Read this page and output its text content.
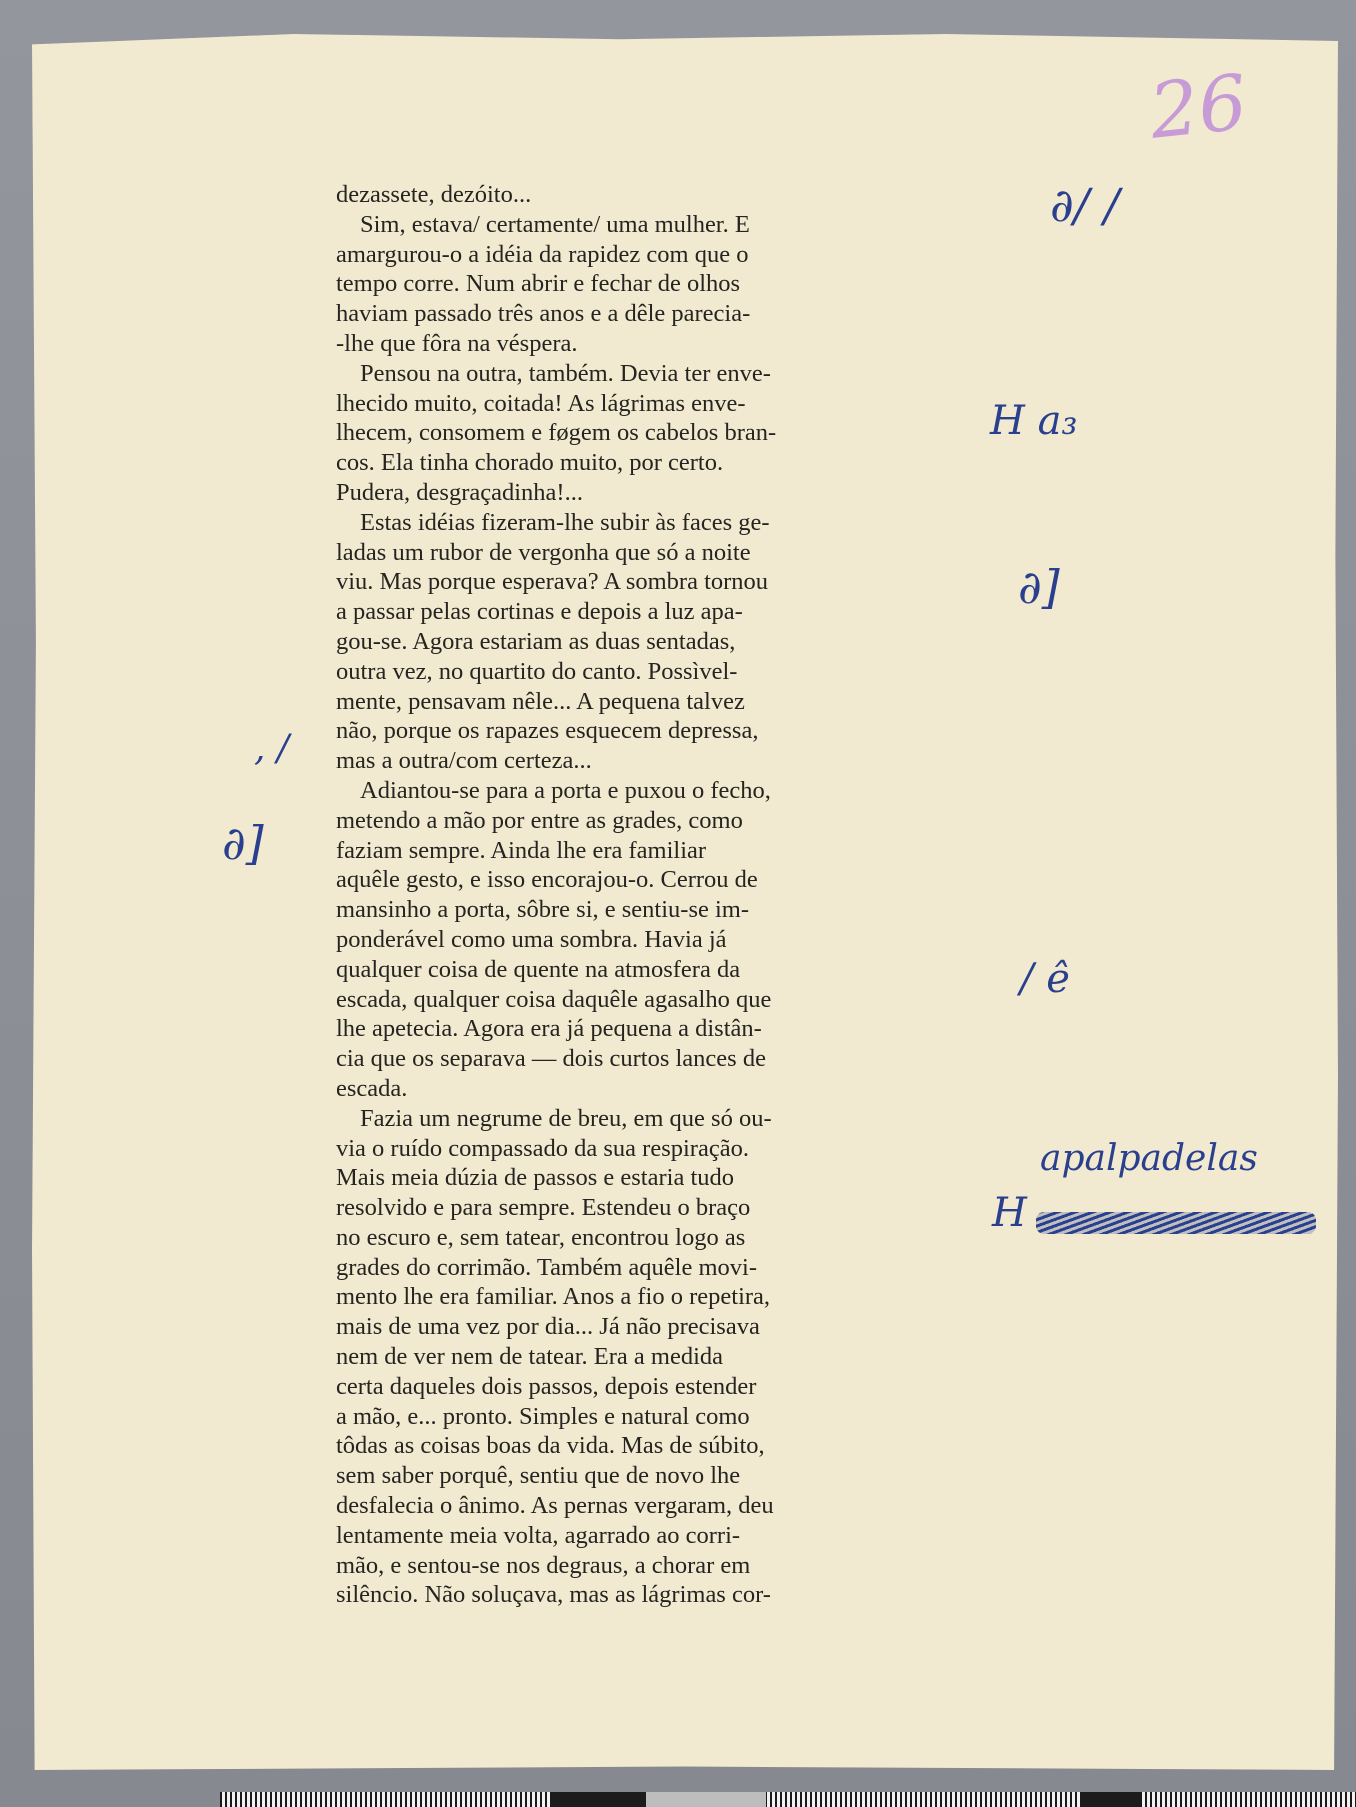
26
dezassete, dezóito...
Sim, estava/ certamente/ uma mulher. E
amargurou-o a idéia da rapidez com que o
tempo corre. Num abrir e fechar de olhos
haviam passado três anos e a dêle parecia-
-lhe que fôra na véspera.
Pensou na outra, também. Devia ter enve-
lhecido muito, coitada! As lágrimas enve-
lhecem, consomem e føgem os cabelos bran-
cos. Ela tinha chorado muito, por certo.
Pudera, desgraçadinha!...
Estas idéias fizeram-lhe subir às faces ge-
ladas um rubor de vergonha que só a noite
viu. Mas porque esperava? A sombra tornou
a passar pelas cortinas e depois a luz apa-
gou-se. Agora estariam as duas sentadas,
outra vez, no quartito do canto. Possìvel-
mente, pensavam nêle... A pequena talvez
não, porque os rapazes esquecem depressa,
mas a outra/com certeza...
Adiantou-se para a porta e puxou o fecho,
metendo a mão por entre as grades, como
faziam sempre. Ainda lhe era familiar
aquêle gesto, e isso encorajou-o. Cerrou de
mansinho a porta, sôbre si, e sentiu-se im-
ponderável como uma sombra. Havia já
qualquer coisa de quente na atmosfera da
escada, qualquer coisa daquêle agasalho que
lhe apetecia. Agora era já pequena a distân-
cia que os separava — dois curtos lances de
escada.
Fazia um negrume de breu, em que só ou-
via o ruído compassado da sua respiração.
Mais meia dúzia de passos e estaria tudo
resolvido e para sempre. Estendeu o braço
no escuro e, sem tatear, encontrou logo as
grades do corrimão. Também aquêle movi-
mento lhe era familiar. Anos a fio o repetira,
mais de uma vez por dia... Já não precisava
nem de ver nem de tatear. Era a medida
certa daqueles dois passos, depois estender
a mão, e... pronto. Simples e natural como
tôdas as coisas boas da vida. Mas de súbito,
sem saber porquê, sentiu que de novo lhe
desfalecia o ânimo. As pernas vergaram, deu
lentamente meia volta, agarrado ao corri-
mão, e sentou-se nos degraus, a chorar em
silêncio. Não soluçava, mas as lágrimas cor-
∂/ /
H a₃
∂]
, /
∂]
/ ê
apalpadelas
H
